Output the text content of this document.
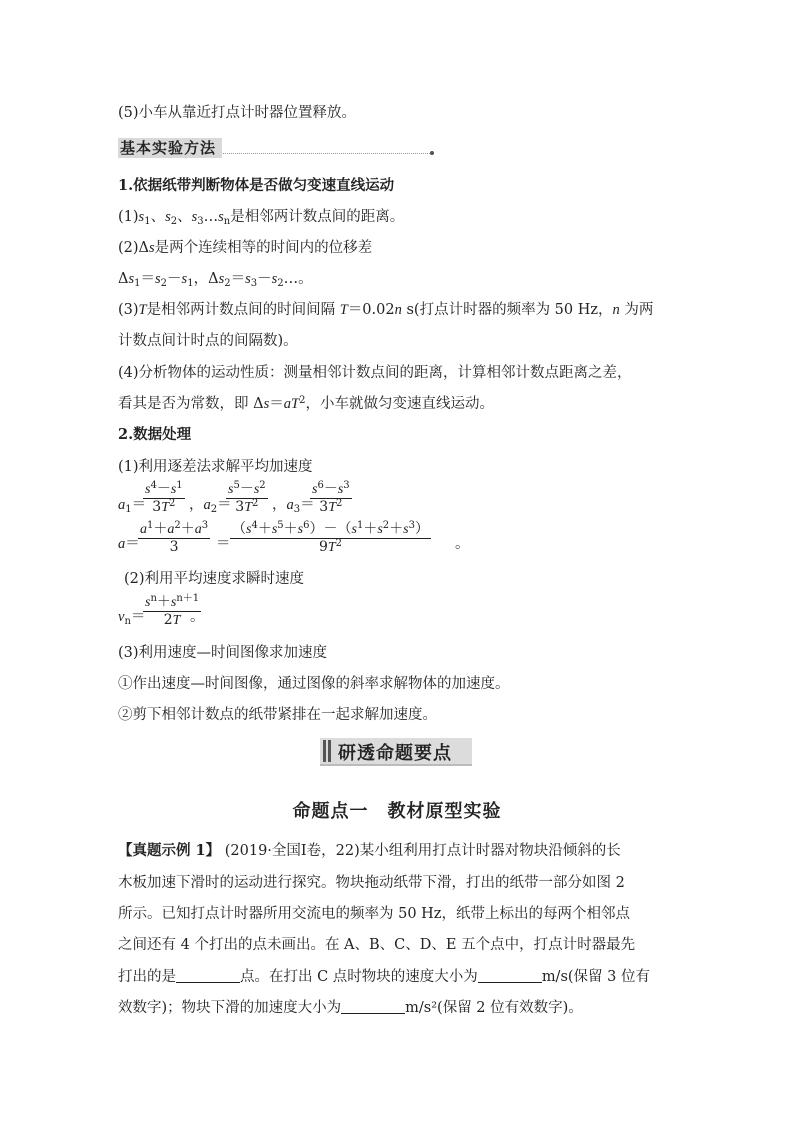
(5)小车从靠近打点计时器位置释放。
基本实验方法
1.依据纸带判断物体是否做匀变速直线运动
$(1)s_1$、$s_2$、$s_3\dots s_n$是相邻两计数点间的距离。
(2)Δs是两个连续相等的时间内的位移差
$\Delta s_1=s_2-s_1$，$\Delta s_2=s_3-s_2\dots$。
(3)T是相邻两计数点间的时间间隔 T＝0.02n s(打点计时器的频率为 50 Hz，n 为两
计数点间计时点的间隔数)。
(4)分析物体的运动性质：测量相邻计数点间的距离，计算相邻计数点距离之差，
看其是否为常数，即 $\Delta s=aT^2$，小车就做匀变速直线运动。
2.数据处理
(1)利用逐差法求解平均加速度
$a_1=$
$\frac{s^4-s^1}{3T^2}$ ，$a_2=$
$\frac{s^5-s^2}{3T^2}$ ，$a_3=$
$\frac{s^6-s^3}{3T^2}$
a＝
$\frac{a^1+a^2+a^3}{3} = \frac{(s^4+s^5+s^6)-(s^1+s^2+s^3)}{9T^2}$ 。
(2)利用平均速度求瞬时速度
$v_n=$
$\frac{s^n+s^{n+1}}{2T}$
。
(3)利用速度—时间图像求加速度
①作出速度—时间图像，通过图像的斜率求解物体的加速度。
②剪下相邻计数点的纸带紧排在一起求解加速度。
研透命题要点
命题点一　教材原型实验
【真题示例 1】 (2019·全国Ⅰ卷，22)某小组利用打点计时器对物块沿倾斜的长
木板加速下滑时的运动进行探究。物块拖动纸带下滑，打出的纸带一部分如图 2
所示。已知打点计时器所用交流电的频率为 50 Hz，纸带上标出的每两个相邻点
之间还有 4 个打出的点未画出。在 A、B、C、D、E 五个点中，打点计时器最先
打出的是	点。在打出 C 点时物块的速度大小为	m/s(保留 3 位有
效数字)；物块下滑的加速度大小为	m/s²(保留 2 位有效数字)。
